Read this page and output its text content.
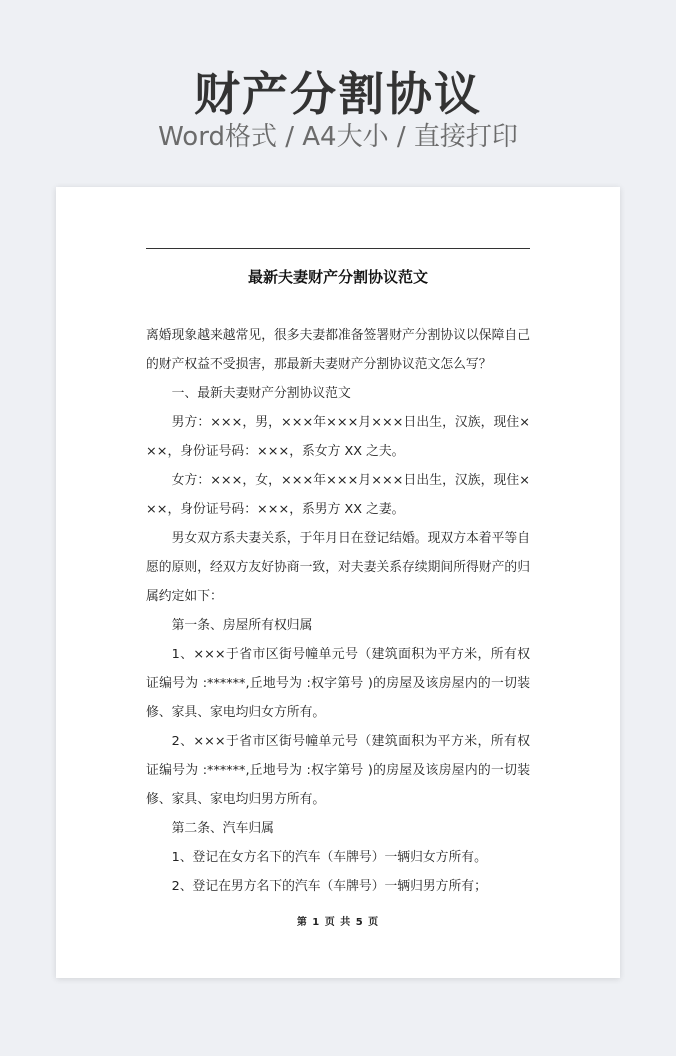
财产分割协议
Word格式 / A4大小 / 直接打印
最新夫妻财产分割协议范文

离婚现象越来越常见，很多夫妻都准备签署财产分割协议以保障自己的财产权益不受损害，那最新夫妻财产分割协议范文怎么写？

一、最新夫妻财产分割协议范文

男方：×××，男，×××年×××月×××日出生，汉族，现住×××，身份证号码：×××，系女方 XX 之夫。

女方：×××，女，×××年×××月×××日出生，汉族，现住×××，身份证号码：×××，系男方 XX 之妻。

男女双方系夫妻关系，于年月日在登记结婚。现双方本着平等自愿的原则，经双方友好协商一致，对夫妻关系存续期间所得财产的归属约定如下：

第一条、房屋所有权归属

1、×××于省市区街号幢单元号（建筑面积为平方米，所有权证编号为 :******,丘地号为 :权字第号 )的房屋及该房屋内的一切装修、家具、家电均归女方所有。

2、×××于省市区街号幢单元号（建筑面积为平方米，所有权证编号为 :******,丘地号为 :权字第号 )的房屋及该房屋内的一切装修、家具、家电均归男方所有。

第二条、汽车归属

1、登记在女方名下的汽车（车牌号）一辆归女方所有。

2、登记在男方名下的汽车（车牌号）一辆归男方所有；

第 1 页 共 5 页
